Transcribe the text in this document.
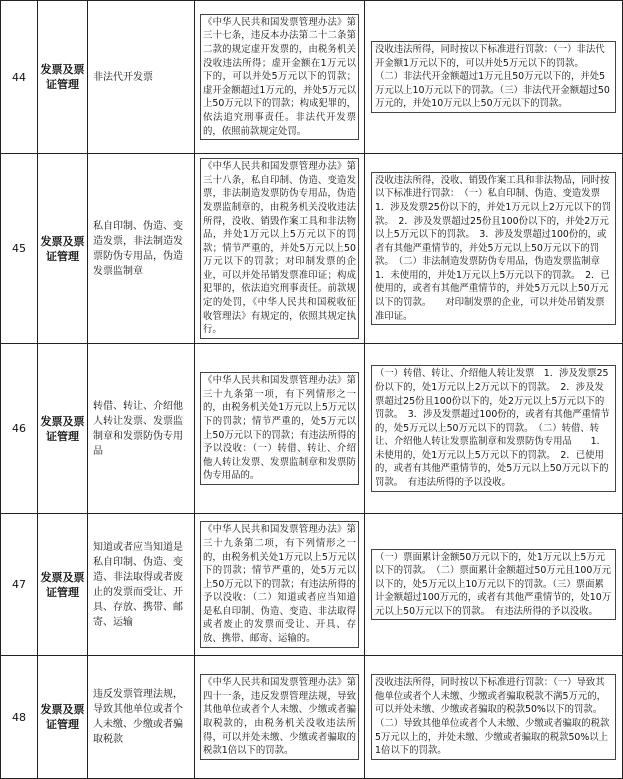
44
发票及票证管理
非法代开发票
《中华人民共和国发票管理办法》第三十七条，违反本办法第二十二条第二款的规定虚开发票的，由税务机关没收违法所得；虚开金额在1万元以下的，可以并处5万元以下的罚款；虚开金额超过1万元的，并处5万元以上50万元以下的罚款；构成犯罪的，依法追究刑事责任。非法代开发票的，依照前款规定处罚。
没收违法所得，同时按以下标准进行罚款：（一）非法代开金额1万元以下的，可以并处5万元以下的罚款。　　（二）非法代开金额超过1万元且50万元以下的，并处5万元以上10万元以下的罚款。（三）非法代开金额超过50万元的，并处10万元以上50万元以下的罚款。
45
发票及票证管理
私自印制、伪造、变造发票，非法制造发票防伪专用品，伪造发票监制章
《中华人民共和国发票管理办法》第三十八条，私自印制、伪造、变造发票，非法制造发票防伪专用品，伪造发票监制章的，由税务机关没收违法所得，没收、销毁作案工具和非法物品，并处1万元以上5万元以下的罚款；情节严重的，并处5万元以上50万元以下的罚款；对印制发票的企业，可以并处吊销发票准印证；构成犯罪的，依法追究刑事责任。前款规定的处罚，《中华人民共和国税收征收管理法》有规定的，依照其规定执行。
没收违法所得，没收、销毁作案工具和非法物品，同时按以下标准进行罚款：　（一）私自印制、伪造、变造发票　　1．涉及发票25份以下的，并处1万元以上2万元以下的罚款。　2．涉及发票超过25份且100份以下的，并处2万元以上5万元以下的罚款。　3．涉及发票超过100份的，或者有其他严重情节的，并处5万元以上50万元以下的罚款。　（二）非法制造发票防伪专用品，伪造发票监制章　　1．未使用的，并处1万元以上5万元以下的罚款。　2．已使用的，或者有其他严重情节的，并处5万元以上50万元以下的罚款。　　对印制发票的企业，可以并处吊销发票准印证。
46
发票及票证管理
转借、转让、介绍他人转让发票、发票监制章和发票防伪专用品
《中华人民共和国发票管理办法》第三十九条第一项，有下列情形之一的，由税务机关处1万元以上5万元以下的罚款；情节严重的，处5万元以上50万元以下的罚款；有违法所得的予以没收：（一）转借、转让、介绍他人转让发票、发票监制章和发票防伪专用品的。
（一）转借、转让、介绍他人转让发票　1．涉及发票25份以下的，处1万元以上2万元以下的罚款。　2．涉及发票超过25份且100份以下的，处2万元以上5万元以下的罚款。　3．涉及发票超过100份的，或者有其他严重情节的，处5万元以上50万元以下的罚款。　（二）转借、转让、介绍他人转让发票监制章和发票防伪专用品　　1．未使用的，处1万元以上5万元以下的罚款。　2．已使用的，或者有其他严重情节的，处5万元以上50万元以下的罚款。　有违法所得的予以没收。
47
发票及票证管理
知道或者应当知道是私自印制、伪造、变造、非法取得或者废止的发票而受让、开具、存放、携带、邮寄、运输
《中华人民共和国发票管理办法》第三十九条第二项，有下列情形之一的，由税务机关处1万元以上5万元以下的罚款；情节严重的，处5万元以上50万元以下的罚款；有违法所得的予以没收：（二）知道或者应当知道是私自印制、伪造、变造、非法取得或者废止的发票而受让、开具、存放、携带、邮寄、运输的。
（一）票面累计金额50万元以下的，处1万元以上5万元以下的罚款。　（二）票面累计金额超过50万元且100万元以下的，处5万元以上10万元以下的罚款。（三）票面累计金额超过100万元的，或者有其他严重情节的，处10万元以上50万元以下的罚款。　有违法所得的予以没收。
48
发票及票证管理
违反发票管理法规，导致其他单位或者个人未缴、少缴或者骗取税款
《中华人民共和国发票管理办法》第四十一条，违反发票管理法规，导致其他单位或者个人未缴、少缴或者骗取税款的，由税务机关没收违法所得，可以并处未缴、少缴或者骗取的税款1倍以下的罚款。
没收违法所得，同时按以下标准进行罚款：（一）导致其他单位或者个人未缴、少缴或者骗取税款不满5万元的，可以并处未缴、少缴或者骗取的税款50%以下的罚款。　（二）导致其他单位或者个人未缴、少缴或者骗取的税款5万元以上的，并处未缴、少缴或者骗取的税款50%以上1倍以下的罚款。
